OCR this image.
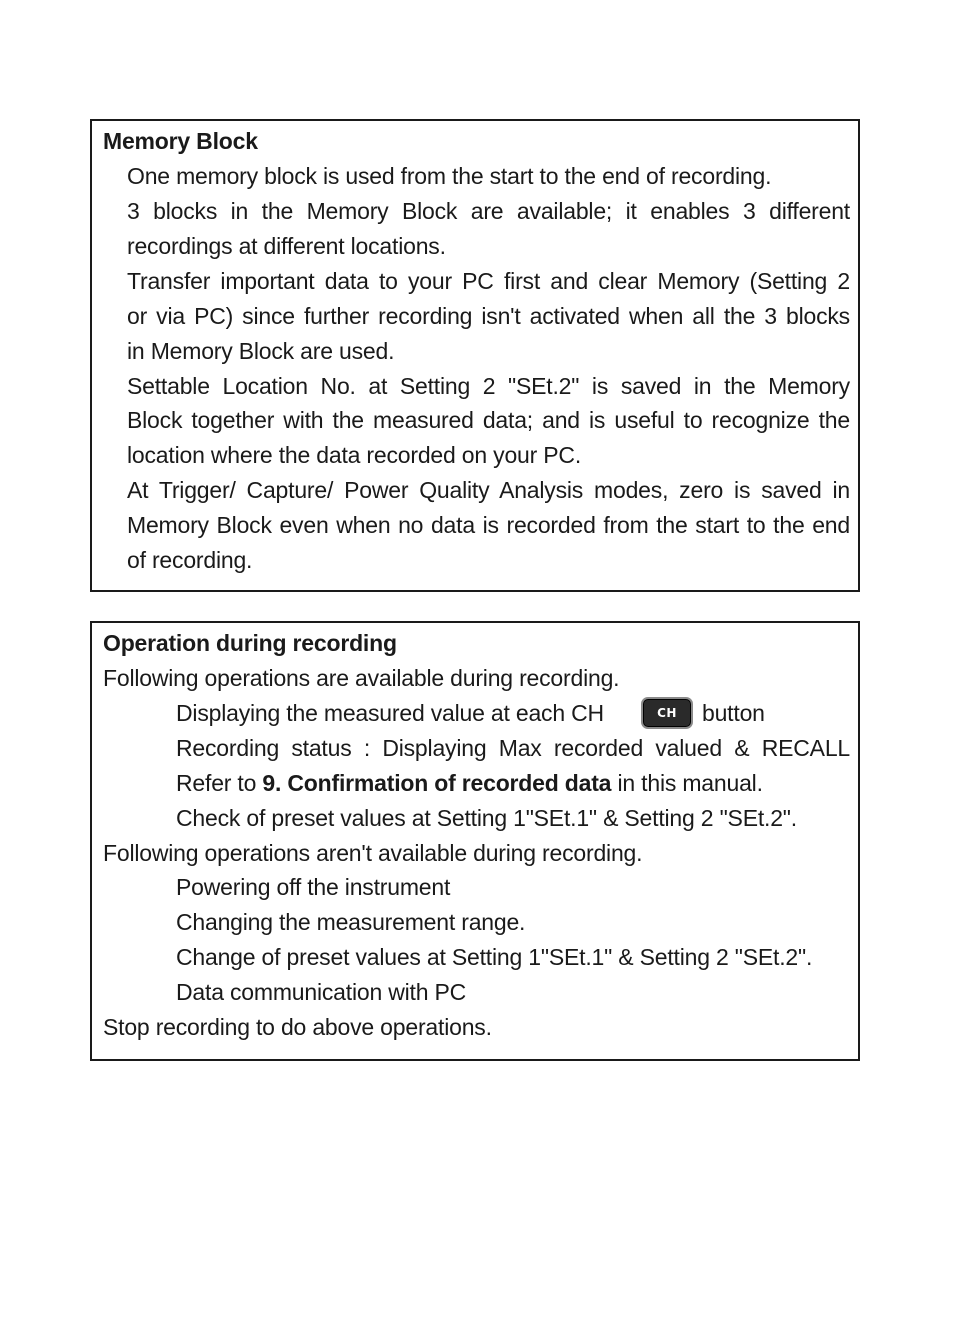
Memory Block
One memory block is used from the start to the end of recording.
3 blocks in the Memory Block are available; it enables 3 different
recordings at different locations.
Transfer important data to your PC first and clear Memory (Setting 2
or via PC) since further recording isn't activated when all the 3 blocks
in Memory Block are used.
Settable Location No. at Setting 2 "SEt.2" is saved in the Memory
Block together with the measured data; and is useful to recognize the
location where the data recorded on your PC.
At Trigger/ Capture/ Power Quality Analysis modes, zero is saved in
Memory Block even when no data is recorded from the start to the end
of recording.
Operation during recording
Following operations are available during recording.
Displaying the measured value at each CH	CH	button
Recording status : Displaying Max recorded valued & RECALL
Refer to 9. Confirmation of recorded data in this manual.
Check of preset values at Setting 1"SEt.1" & Setting 2 "SEt.2".
Following operations aren't available during recording.
Powering off the instrument
Changing the measurement range.
Change of preset values at Setting 1"SEt.1" & Setting 2 "SEt.2".
Data communication with PC
Stop recording to do above operations.
